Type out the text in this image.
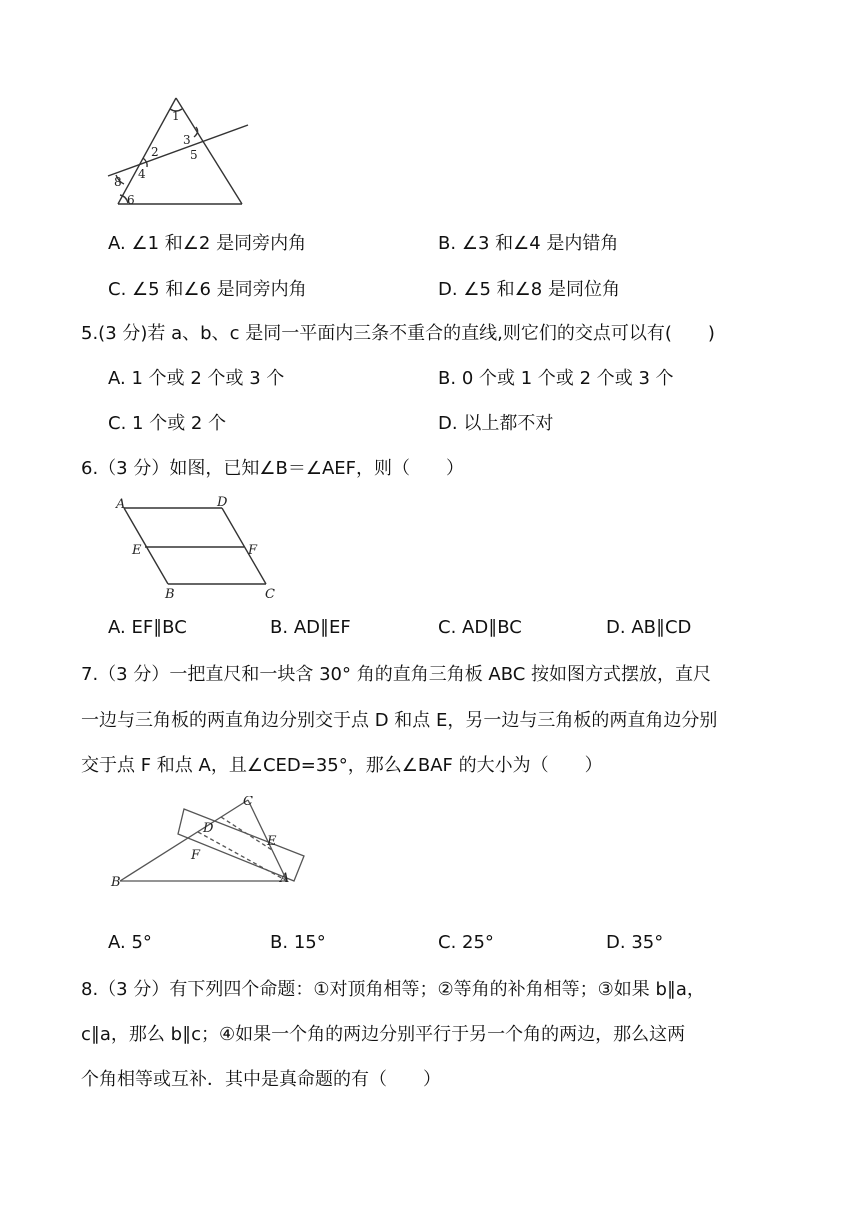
1
2
3
4
5
6
8
A. ∠1 和∠2 是同旁内角	B. ∠3 和∠4 是内错角
C. ∠5 和∠6 是同旁内角	D. ∠5 和∠8 是同位角
5.(3 分)若 a、b、c 是同一平面内三条不重合的直线,则它们的交点可以有(　　)
A. 1 个或 2 个或 3 个	B. 0 个或 1 个或 2 个或 3 个
C. 1 个或 2 个	D. 以上都不对
6.（3 分）如图，已知∠B＝∠AEF，则（　　）
A	D
E	F
B	C
A. EF∥BC	B. AD∥EF	C. AD∥BC	D. AB∥CD
7.（3 分）一把直尺和一块含 30° 角的直角三角板 ABC 按如图方式摆放，直尺
一边与三角板的两直角边分别交于点 D 和点 E，另一边与三角板的两直角边分别
交于点 F 和点 A，且∠CED=35°，那么∠BAF 的大小为（　　）
C
D
E
F
B	A
A. 5°	B. 15°	C. 25°	D. 35°
8.（3 分）有下列四个命题：①对顶角相等；②等角的补角相等；③如果 b∥a，
c∥a，那么 b∥c；④如果一个角的两边分别平行于另一个角的两边，那么这两
个角相等或互补．其中是真命题的有（　　）
